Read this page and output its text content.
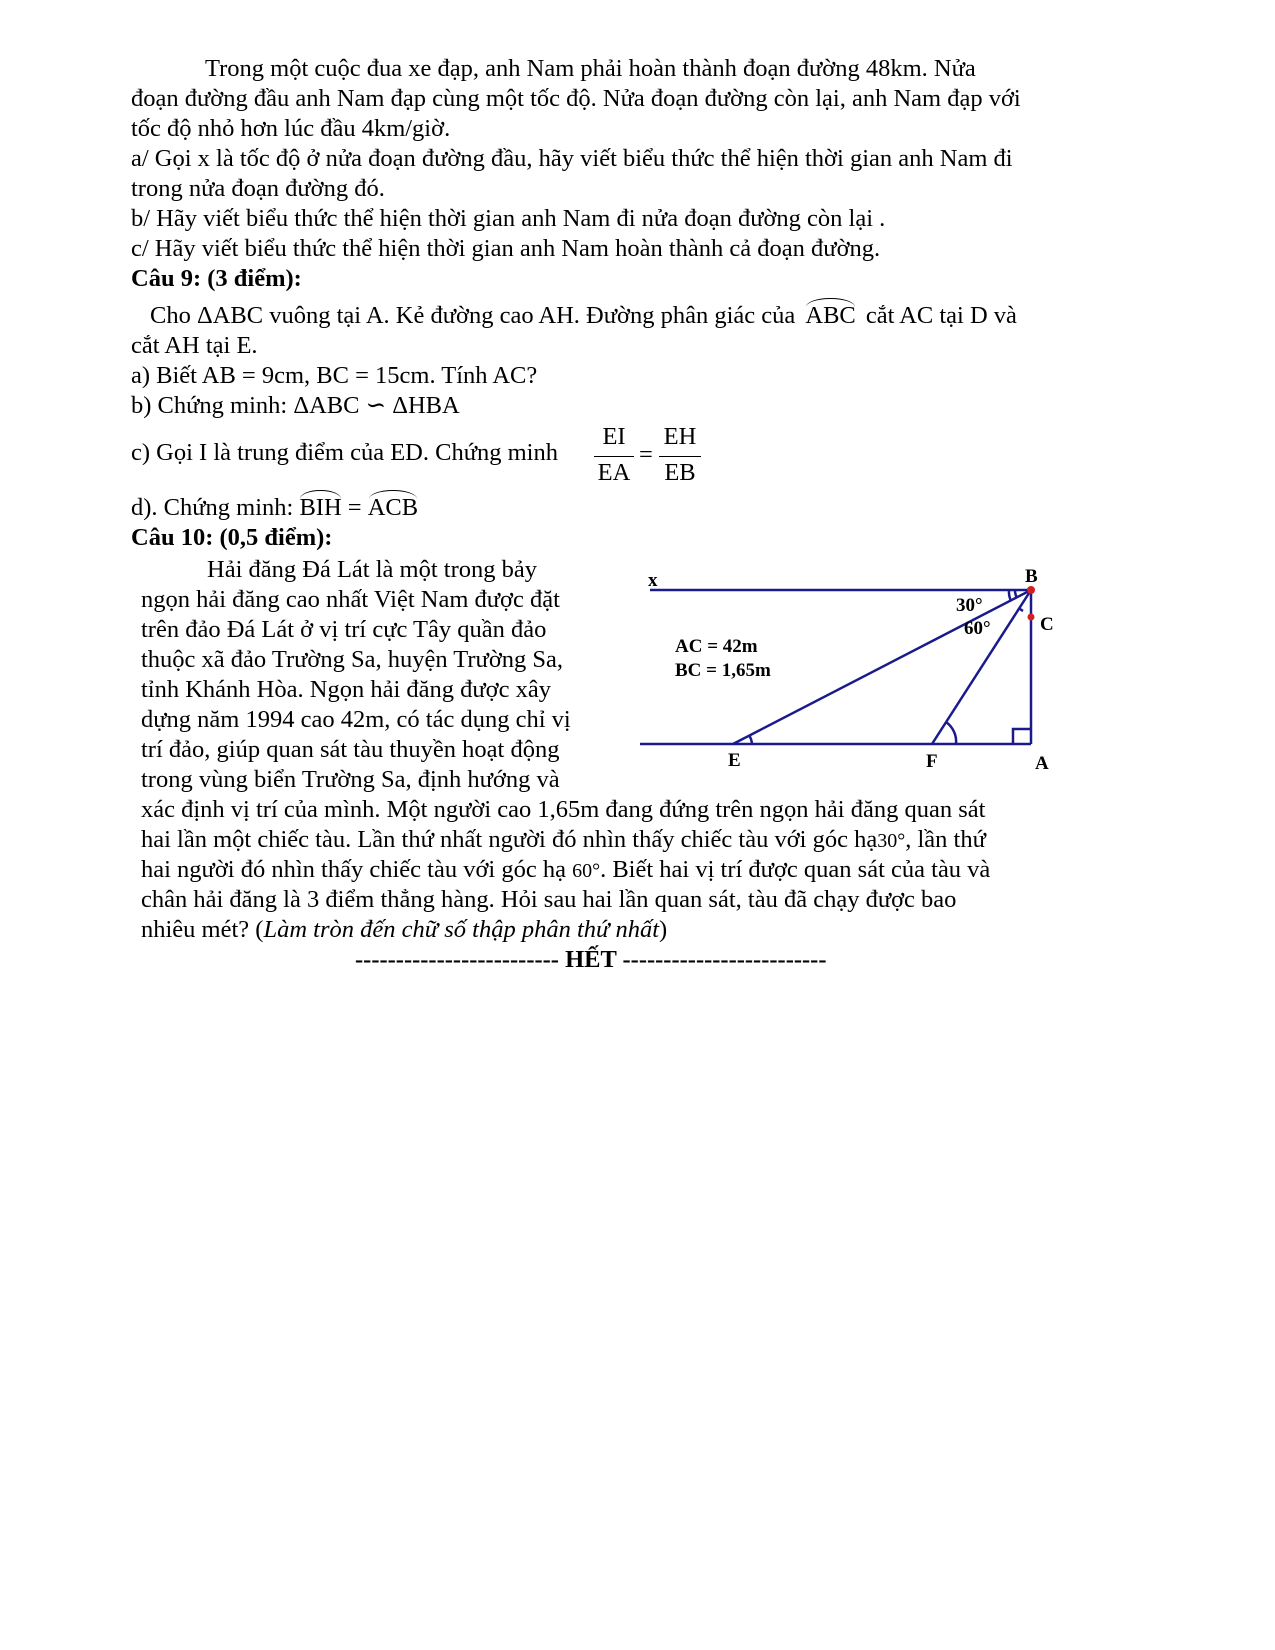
Trong một cuộc đua xe đạp, anh Nam phải hoàn thành đoạn đường 48km. Nửa
đoạn đường đầu anh Nam đạp cùng một tốc độ. Nửa đoạn đường còn lại, anh Nam đạp với
tốc độ nhỏ hơn lúc đầu 4km/giờ.
a/ Gọi x là tốc độ ở nửa đoạn đường đầu, hãy viết biểu thức thể hiện thời gian anh Nam đi
trong nửa đoạn đường đó.
b/ Hãy viết biểu thức thể hiện thời gian anh Nam đi nửa đoạn đường còn lại .
c/ Hãy viết biểu thức thể hiện thời gian anh Nam hoàn thành cả đoạn đường.
Câu 9: (3 điểm):
Cho ΔABC vuông tại A. Kẻ đường cao AH. Đường phân giác của ABC cắt AC tại D và
cắt AH tại E.
a) Biết AB = 9cm, BC = 15cm. Tính AC?
b) Chứng minh: ΔABC ∽ ΔHBA
c) Gọi I là trung điểm của ED. Chứng minh
EI
EA
=
EH
EB
d). Chứng minh: BIH = ACB
Câu 10: (0,5 điểm):
Hải đăng Đá Lát là một trong bảy
ngọn hải đăng cao nhất Việt Nam được đặt
trên đảo Đá Lát ở vị trí cực Tây quần đảo
thuộc xã đảo Trường Sa, huyện Trường Sa,
tỉnh Khánh Hòa. Ngọn hải đăng được xây
dựng năm 1994 cao 42m, có tác dụng chỉ vị
trí đảo, giúp quan sát tàu thuyền hoạt động
trong vùng biển Trường Sa, định hướng và
xác định vị trí của mình. Một người cao 1,65m đang đứng trên ngọn hải đăng quan sát
hai lần một chiếc tàu. Lần thứ nhất người đó nhìn thấy chiếc tàu với góc hạ30°, lần thứ
hai người đó nhìn thấy chiếc tàu với góc hạ 60°. Biết hai vị trí được quan sát của tàu và
chân hải đăng là 3 điểm thẳng hàng. Hỏi sau hai lần quan sát, tàu đã chạy được bao
nhiêu mét? (Làm tròn đến chữ số thập phân thứ nhất)
------------------------- HẾT -------------------------
x	B
C
E	F	A
30°
60°
AC = 42m
BC = 1,65m
